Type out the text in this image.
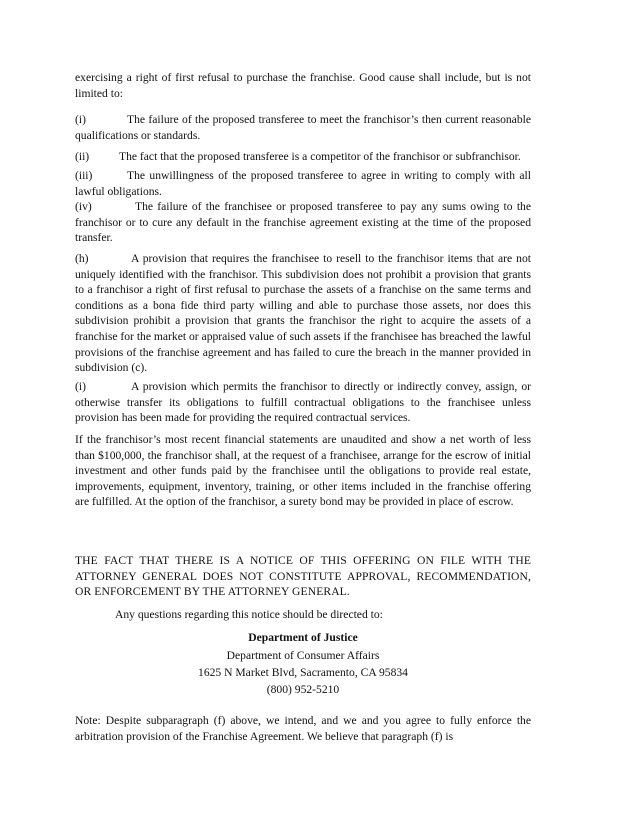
exercising a right of first refusal to purchase the franchise. Good cause shall include, but is not limited to:

(i)	The failure of the proposed transferee to meet the franchisor’s then current reasonable qualifications or standards.

(ii)	The fact that the proposed transferee is a competitor of the franchisor or subfranchisor.

(iii)	The unwillingness of the proposed transferee to agree in writing to comply with all lawful obligations.

(iv)	The failure of the franchisee or proposed transferee to pay any sums owing to the franchisor or to cure any default in the franchise agreement existing at the time of the proposed transfer.

(h)	A provision that requires the franchisee to resell to the franchisor items that are not uniquely identified with the franchisor. This subdivision does not prohibit a provision that grants to a franchisor a right of first refusal to purchase the assets of a franchise on the same terms and conditions as a bona fide third party willing and able to purchase those assets, nor does this subdivision prohibit a provision that grants the franchisor the right to acquire the assets of a franchise for the market or appraised value of such assets if the franchisee has breached the lawful provisions of the franchise agreement and has failed to cure the breach in the manner provided in subdivision (c).

(i)	A provision which permits the franchisor to directly or indirectly convey, assign, or otherwise transfer its obligations to fulfill contractual obligations to the franchisee unless provision has been made for providing the required contractual services.

If the franchisor’s most recent financial statements are unaudited and show a net worth of less than $100,000, the franchisor shall, at the request of a franchisee, arrange for the escrow of initial investment and other funds paid by the franchisee until the obligations to provide real estate, improvements, equipment, inventory, training, or other items included in the franchise offering are fulfilled. At the option of the franchisor, a surety bond may be provided in place of escrow.

THE FACT THAT THERE IS A NOTICE OF THIS OFFERING ON FILE WITH THE ATTORNEY GENERAL DOES NOT CONSTITUTE APPROVAL, RECOMMENDATION, OR ENFORCEMENT BY THE ATTORNEY GENERAL.

Any questions regarding this notice should be directed to:

Department of Justice

Department of Consumer Affairs

1625 N Market Blvd, Sacramento, CA 95834

(800) 952-5210

Note: Despite subparagraph (f) above, we intend, and we and you agree to fully enforce the arbitration provision of the Franchise Agreement. We believe that paragraph (f) is
